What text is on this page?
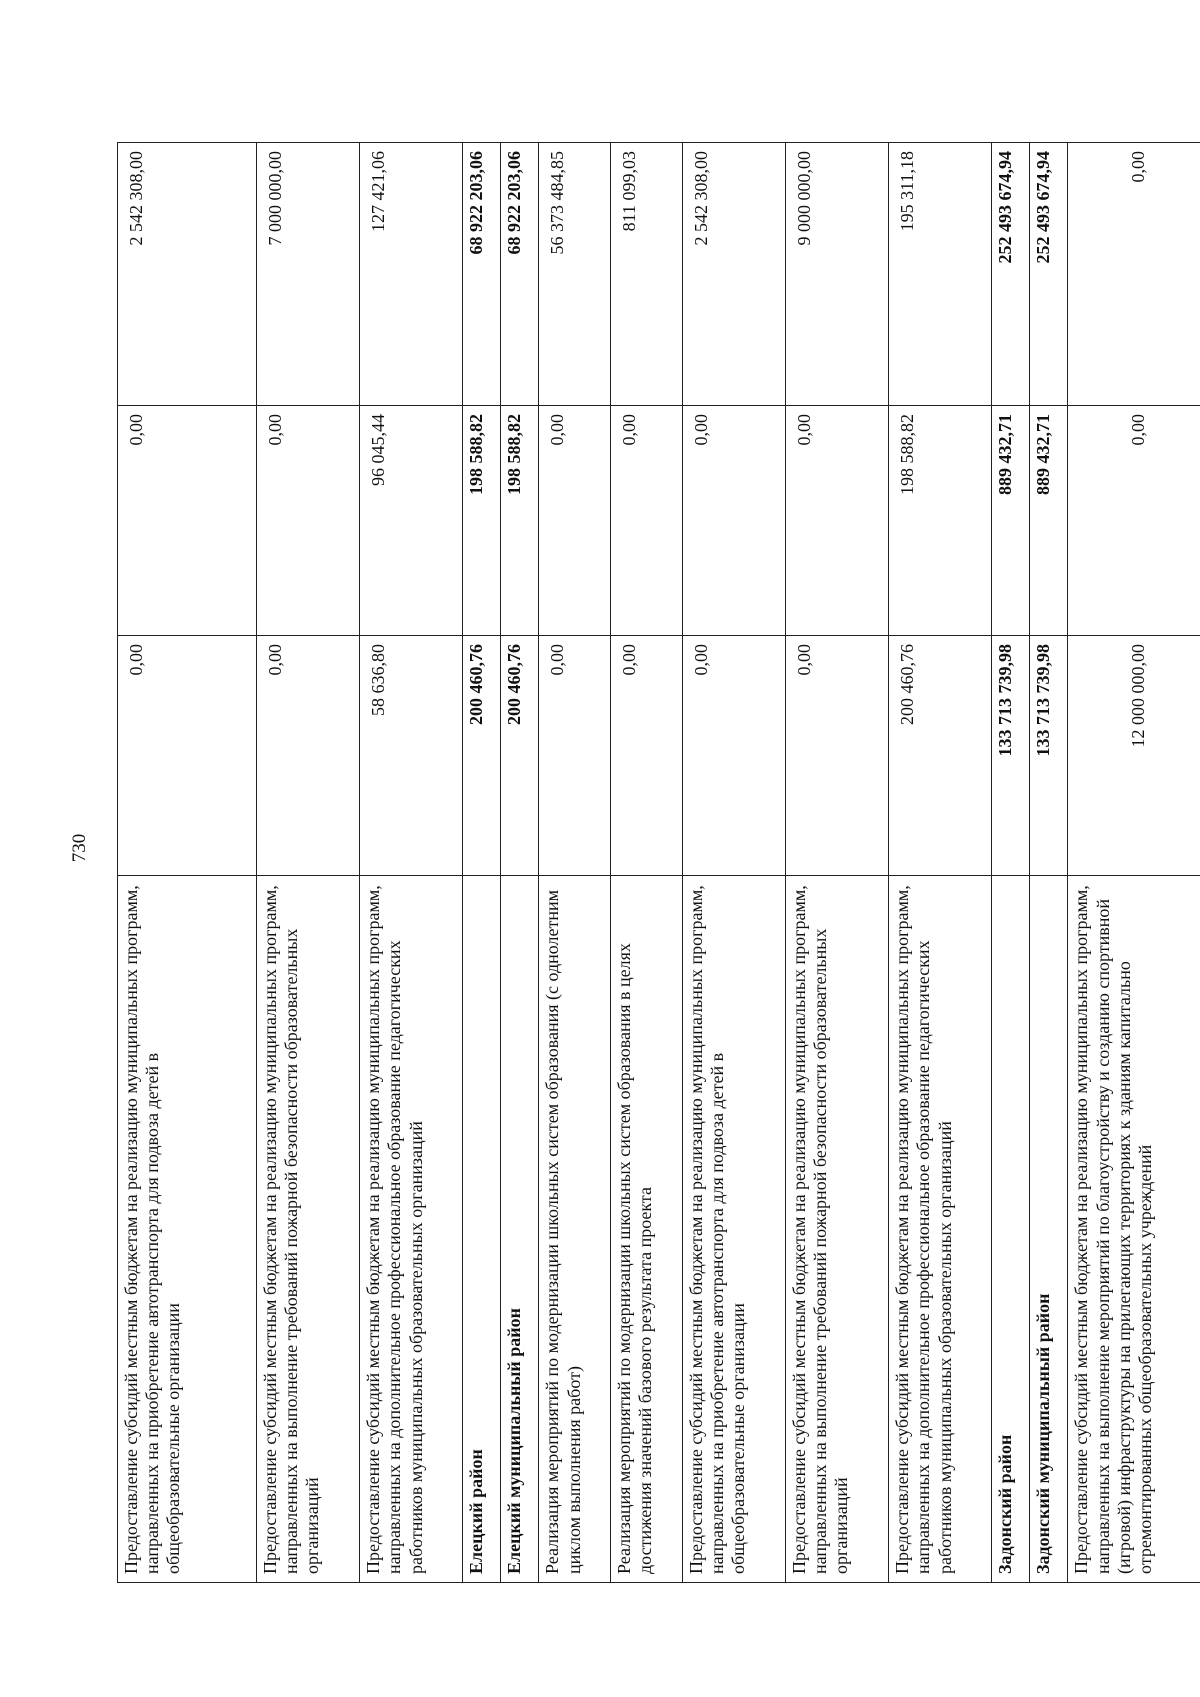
730
Предоставление субсидий местным бюджетам на реализацию муниципальных программ, направленных на приобретение автотранспорта для подвоза детей в общеобразовательные организации	0,00	0,00	2 542 308,00
Предоставление субсидий местным бюджетам на реализацию муниципальных программ, направленных на выполнение требований пожарной безопасности образовательных организаций	0,00	0,00	7 000 000,00
Предоставление субсидий местным бюджетам на реализацию муниципальных программ, направленных на дополнительное профессиональное образование педагогических работников муниципальных образовательных организаций	58 636,80	96 045,44	127 421,06
Елецкий район	200 460,76	198 588,82	68 922 203,06
Елецкий муниципальный район	200 460,76	198 588,82	68 922 203,06
Реализация мероприятий по модернизации школьных систем образования (с однолетним циклом выполнения работ)	0,00	0,00	56 373 484,85
Реализация мероприятий по модернизации школьных систем образования в целях достижения значений базового результата проекта	0,00	0,00	811 099,03
Предоставление субсидий местным бюджетам на реализацию муниципальных программ, направленных на приобретение автотранспорта для подвоза детей в общеобразовательные организации	0,00	0,00	2 542 308,00
Предоставление субсидий местным бюджетам на реализацию муниципальных программ, направленных на выполнение требований пожарной безопасности образовательных организаций	0,00	0,00	9 000 000,00
Предоставление субсидий местным бюджетам на реализацию муниципальных программ, направленных на дополнительное профессиональное образование педагогических работников муниципальных образовательных организаций	200 460,76	198 588,82	195 311,18
Задонский район	133 713 739,98	889 432,71	252 493 674,94
Задонский муниципальный район	133 713 739,98	889 432,71	252 493 674,94
Предоставление субсидий местным бюджетам на реализацию муниципальных программ, направленных на выполнение мероприятий по благоустройству и созданию спортивной (игровой) инфраструктуры на прилегающих территориях к зданиям капитально отремонтированных общеобразовательных учреждений	12 000 000,00	0,00	0,00
